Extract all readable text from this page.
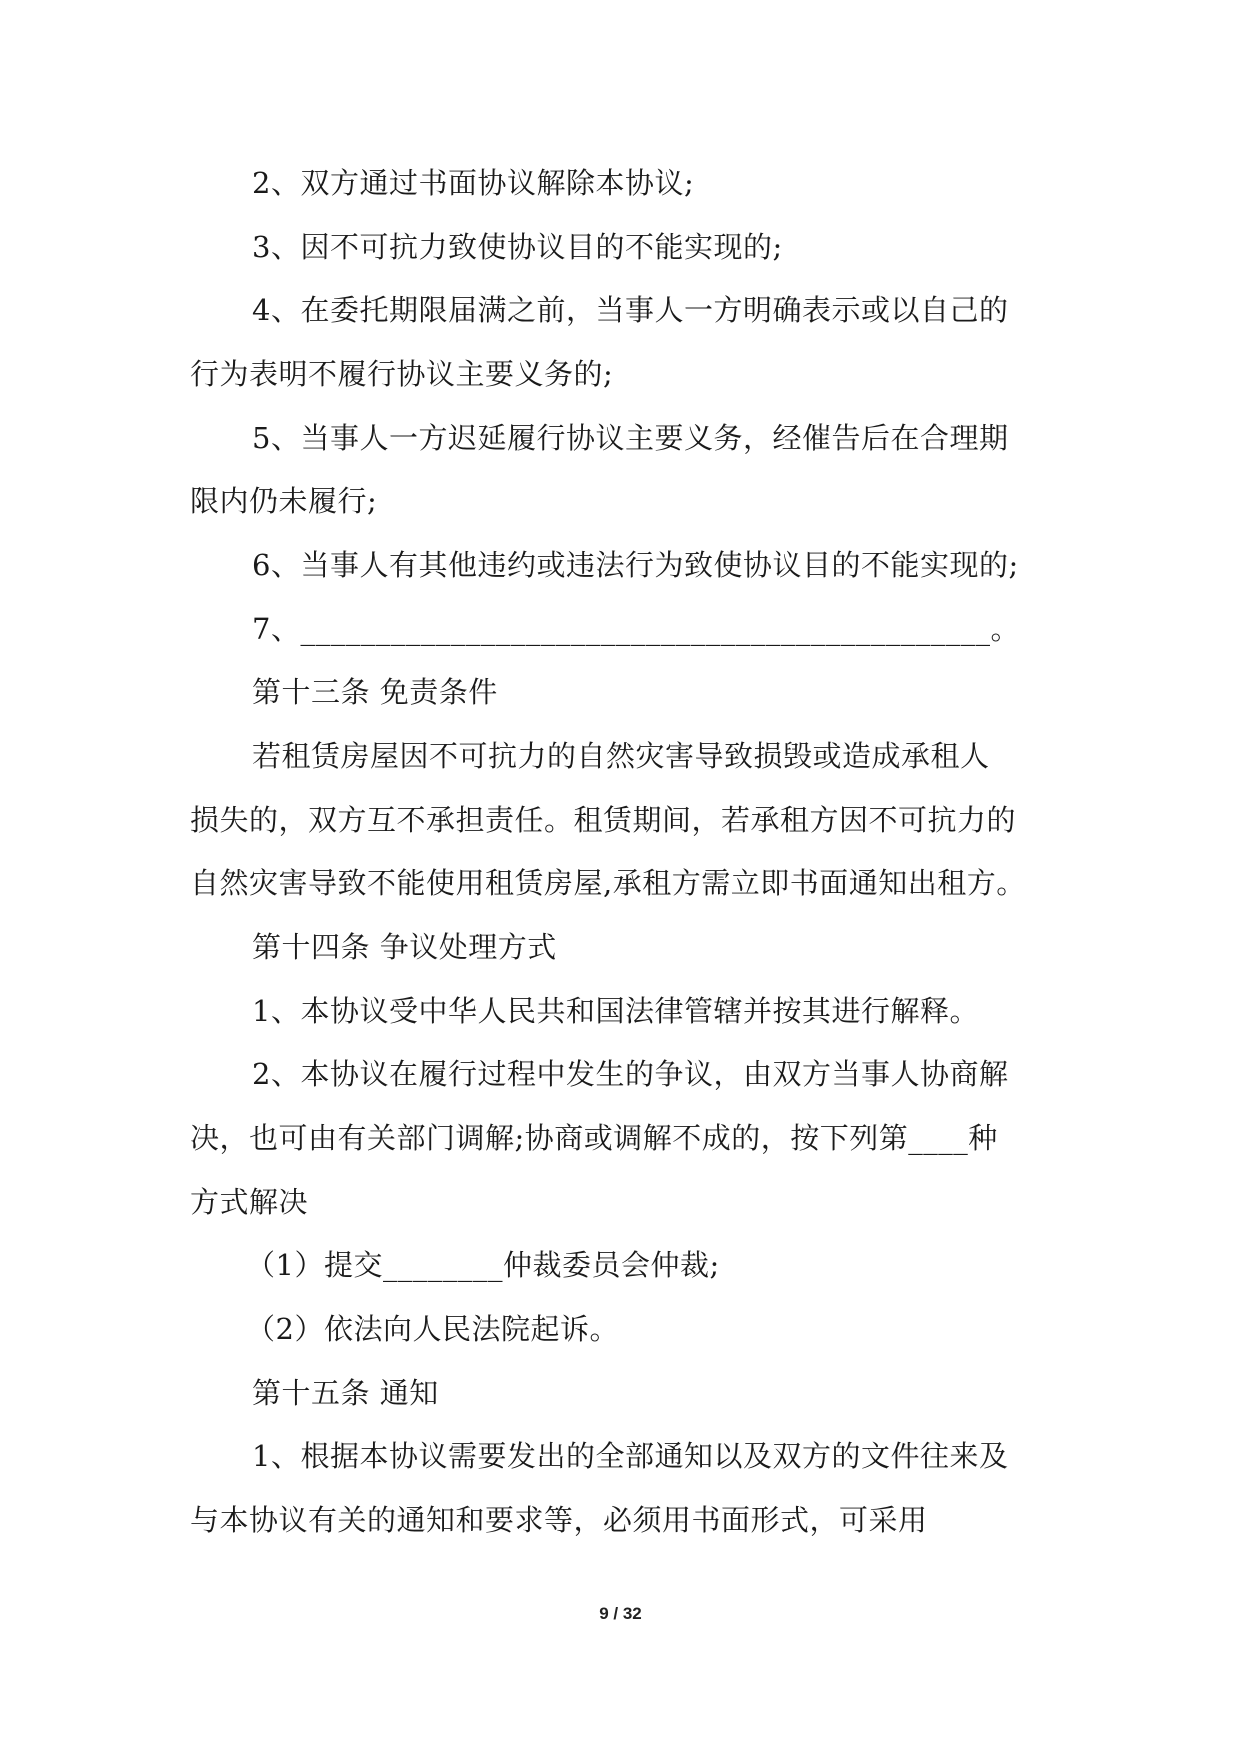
2、双方通过书面协议解除本协议;
3、因不可抗力致使协议目的不能实现的;
4、在委托期限届满之前，当事人一方明确表示或以自己的
行为表明不履行协议主要义务的;
5、当事人一方迟延履行协议主要义务，经催告后在合理期
限内仍未履行;
6、当事人有其他违约或违法行为致使协议目的不能实现的;
7、______________________________________________。
第十三条 免责条件
若租赁房屋因不可抗力的自然灾害导致损毁或造成承租人
损失的，双方互不承担责任。租赁期间，若承租方因不可抗力的
自然灾害导致不能使用租赁房屋,承租方需立即书面通知出租方。
第十四条 争议处理方式
1、本协议受中华人民共和国法律管辖并按其进行解释。
2、本协议在履行过程中发生的争议，由双方当事人协商解
决，也可由有关部门调解;协商或调解不成的，按下列第____种
方式解决
（1）提交________仲裁委员会仲裁;
（2）依法向人民法院起诉。
第十五条 通知
1、根据本协议需要发出的全部通知以及双方的文件往来及
与本协议有关的通知和要求等，必须用书面形式，可采用
9 / 32
